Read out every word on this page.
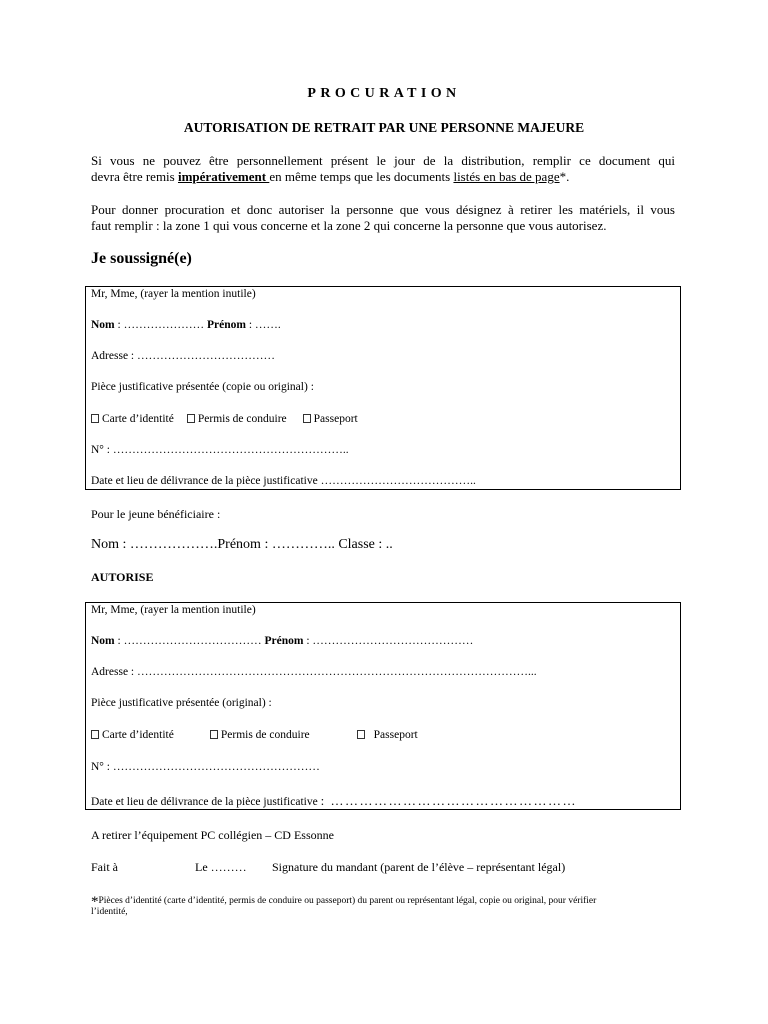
PROCURATION
AUTORISATION DE RETRAIT PAR UNE PERSONNE MAJEURE
Si vous ne pouvez être personnellement présent le jour de la distribution, remplir ce document qui
devra être remis impérativement en même temps que les documents listés en bas de page*.
Pour donner procuration et donc autoriser la personne que vous désignez à retirer les matériels, il vous
faut remplir : la zone 1 qui vous concerne et la zone 2 qui concerne la personne que vous autorisez.
Je soussigné(e)
Mr, Mme, (rayer la mention inutile)
Nom : ………………… Prénom : …….
Adresse : ………………………………
Pièce justificative présentée (copie ou original) :
Carte d’identité Permis de conduire Passeport
N° : ……………………………………………………..
Date et lieu de délivrance de la pièce justificative …………………………………..
Pour le jeune bénéficiaire :
Nom : ……………….Prénom : ………….. Classe : ..
AUTORISE
Mr, Mme, (rayer la mention inutile)
Nom : ……………………………… Prénom : ……………………………………
Adresse : …………………………………………………………………………………………...
Pièce justificative présentée (original) :
Carte d’identité	Permis de conduire	Passeport
N° : ………………………………………………
Date et lieu de délivrance de la pièce justificative : ……………………………………………
A retirer l’équipement PC collégien – CD Essonne
Fait à	Le ……… Signature du mandant (parent de l’élève – représentant légal)
*Pièces d’identité (carte d’identité, permis de conduire ou passeport) du parent ou représentant légal, copie ou original, pour vérifier
l’identité,
